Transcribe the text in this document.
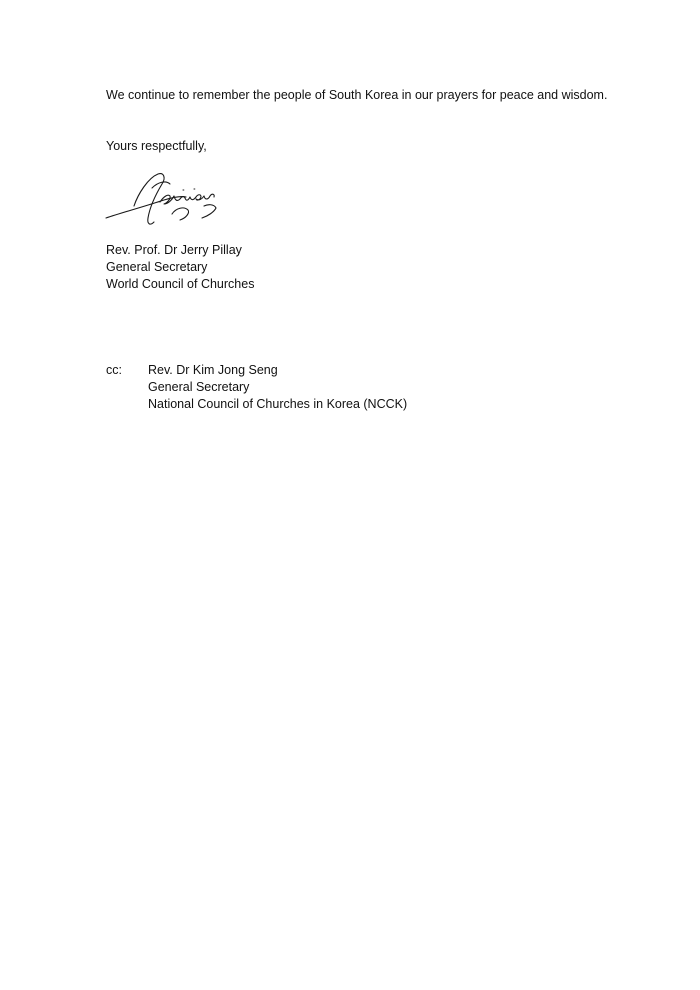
We continue to remember the people of South Korea in our prayers for peace and wisdom.

Yours respectfully,

Rev. Prof. Dr Jerry Pillay
General Secretary
World Council of Churches

cc: Rev. Dr Kim Jong Seng
General Secretary
National Council of Churches in Korea (NCCK)
